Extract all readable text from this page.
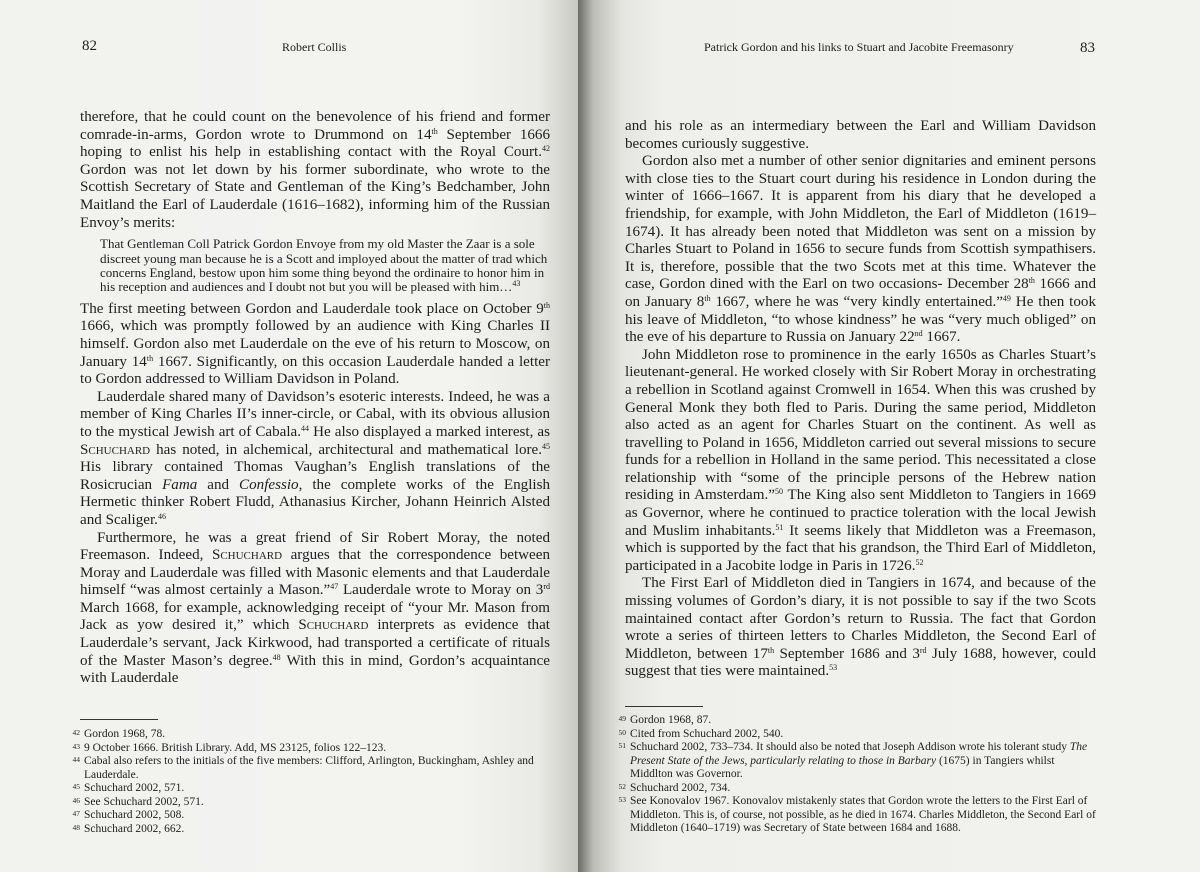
82	Robert Collis

therefore, that he could count on the benevolence of his friend and former comrade-in-arms, Gordon wrote to Drummond on 14th September 1666 hoping to enlist his help in establishing contact with the Royal Court.$^{42}$ Gordon was not let down by his former subordinate, who wrote to the Scottish Secretary of State and Gentleman of the King’s Bedchamber, John Maitland the Earl of Lauderdale (1616–1682), informing him of the Russian Envoy’s merits:

That Gentleman Coll Patrick Gordon Envoye from my old Master the Zaar is a sole discreet young man because he is a Scott and imployed about the matter of trad which concerns England, bestow upon him some thing beyond the ordinaire to honor him in his reception and audiences and I doubt not but you will be pleased with him…$^{43}$

The first meeting between Gordon and Lauderdale took place on October 9th 1666, which was promptly followed by an audience with King Charles II himself. Gordon also met Lauderdale on the eve of his return to Moscow, on January 14th 1667. Significantly, on this occasion Lauderdale handed a letter to Gordon addressed to William Davidson in Poland.

Lauderdale shared many of Davidson’s esoteric interests. Indeed, he was a member of King Charles II’s inner-circle, or Cabal, with its obvious allusion to the mystical Jewish art of Cabala.$^{44}$ He also displayed a marked interest, as Schuchard has noted, in alchemical, architectural and mathematical lore.$^{45}$ His library contained Thomas Vaughan’s English translations of the Rosicrucian Fama and Confessio, the complete works of the English Hermetic thinker Robert Fludd, Athanasius Kircher, Johann Heinrich Alsted and Scaliger.$^{46}$

Furthermore, he was a great friend of Sir Robert Moray, the noted Freemason. Indeed, Schuchard argues that the correspondence between Moray and Lauderdale was filled with Masonic elements and that Lauderdale himself “was almost certainly a Mason.”$^{47}$ Lauderdale wrote to Moray on 3rd March 1668, for example, acknowledging receipt of “your Mr. Mason from Jack as yow desired it,” which Schuchard interprets as evidence that Lauderdale’s servant, Jack Kirkwood, had transported a certificate of rituals of the Master Mason’s degree.$^{48}$ With this in mind, Gordon’s acquaintance with Lauderdale

42 Gordon 1968, 78.
43 9 October 1666. British Library. Add, MS 23125, folios 122–123.
44 Cabal also refers to the initials of the five members: Clifford, Arlington, Buckingham, Ashley and Lauderdale.
45 Schuchard 2002, 571.
46 See Schuchard 2002, 571.
47 Schuchard 2002, 508.
48 Schuchard 2002, 662.
Patrick Gordon and his links to Stuart and Jacobite Freemasonry	83

and his role as an intermediary between the Earl and William Davidson becomes curiously suggestive.

Gordon also met a number of other senior dignitaries and eminent persons with close ties to the Stuart court during his residence in London during the winter of 1666–1667. It is apparent from his diary that he developed a friendship, for example, with John Middleton, the Earl of Middleton (1619–1674). It has already been noted that Middleton was sent on a mission by Charles Stuart to Poland in 1656 to secure funds from Scottish sympathisers. It is, therefore, possible that the two Scots met at this time. Whatever the case, Gordon dined with the Earl on two occasions- December 28th 1666 and on January 8th 1667, where he was “very kindly entertained.”$^{49}$ He then took his leave of Middleton, “to whose kindness” he was “very much obliged” on the eve of his departure to Russia on January 22nd 1667.

John Middleton rose to prominence in the early 1650s as Charles Stuart’s lieutenant-general. He worked closely with Sir Robert Moray in orchestrating a rebellion in Scotland against Cromwell in 1654. When this was crushed by General Monk they both fled to Paris. During the same period, Middleton also acted as an agent for Charles Stuart on the continent. As well as travelling to Poland in 1656, Middleton carried out several missions to secure funds for a rebellion in Holland in the same period. This necessitated a close relationship with “some of the principle persons of the Hebrew nation residing in Amsterdam.”$^{50}$ The King also sent Middleton to Tangiers in 1669 as Governor, where he continued to practice toleration with the local Jewish and Muslim inhabitants.$^{51}$ It seems likely that Middleton was a Freemason, which is supported by the fact that his grandson, the Third Earl of Middleton, participated in a Jacobite lodge in Paris in 1726.52

The First Earl of Middleton died in Tangiers in 1674, and because of the missing volumes of Gordon’s diary, it is not possible to say if the two Scots maintained contact after Gordon’s return to Russia. The fact that Gordon wrote a series of thirteen letters to Charles Middleton, the Second Earl of Middleton, between 17th September 1686 and 3rd July 1688, however, could suggest that ties were maintained.$^{53}$

49 Gordon 1968, 87.
50 Cited from Schuchard 2002, 540.
51 Schuchard 2002, 733–734. It should also be noted that Joseph Addison wrote his tolerant study The Present State of the Jews, particularly relating to those in Barbary (1675) in Tangiers whilst Middlton was Governor.
52 Schuchard 2002, 734.
53 See Konovalov 1967. Konovalov mistakenly states that Gordon wrote the letters to the First Earl of Middleton. This is, of course, not possible, as he died in 1674. Charles Middleton, the Second Earl of Middleton (1640–1719) was Secretary of State between 1684 and 1688.
